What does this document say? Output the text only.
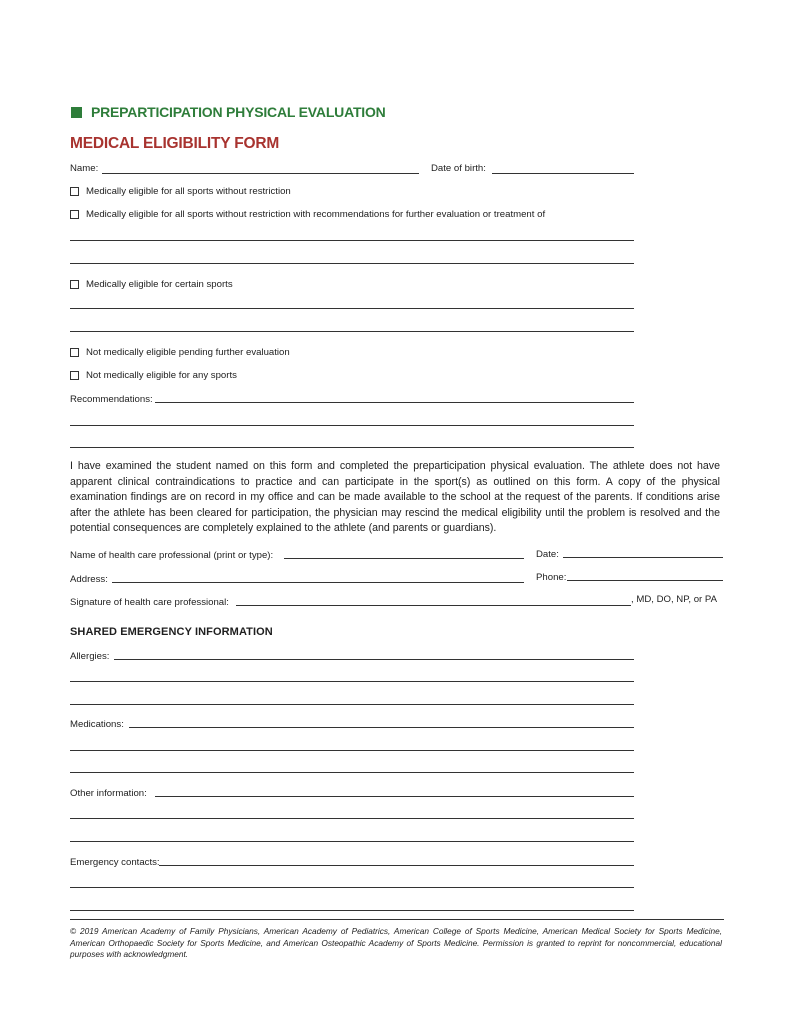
PREPARTICIPATION PHYSICAL EVALUATION
MEDICAL ELIGIBILITY FORM
Name:	Date of birth:
Medically eligible for all sports without restriction
Medically eligible for all sports without restriction with recommendations for further evaluation or treatment of
Medically eligible for certain sports
Not medically eligible pending further evaluation
Not medically eligible for any sports
Recommendations:
I have examined the student named on this form and completed the preparticipation physical evaluation. The athlete does not have apparent clinical contraindications to practice and can participate in the sport(s) as outlined on this form. A copy of the physical examination findings are on record in my office and can be made available to the school at the request of the parents. If conditions arise after the athlete has been cleared for participation, the physician may rescind the medical eligibility until the problem is resolved and the potential consequences are completely explained to the athlete (and parents or guardians).
Name of health care professional (print or type):	Date:
Address:	Phone:
Signature of health care professional:	, MD, DO, NP, or PA
SHARED EMERGENCY INFORMATION
Allergies:
Medications:
Other information:
Emergency contacts:
© 2019 American Academy of Family Physicians, American Academy of Pediatrics, American College of Sports Medicine, American Medical Society for Sports Medicine, American Orthopaedic Society for Sports Medicine, and American Osteopathic Academy of Sports Medicine. Permission is granted to reprint for noncommercial, educational purposes with acknowledgment.
